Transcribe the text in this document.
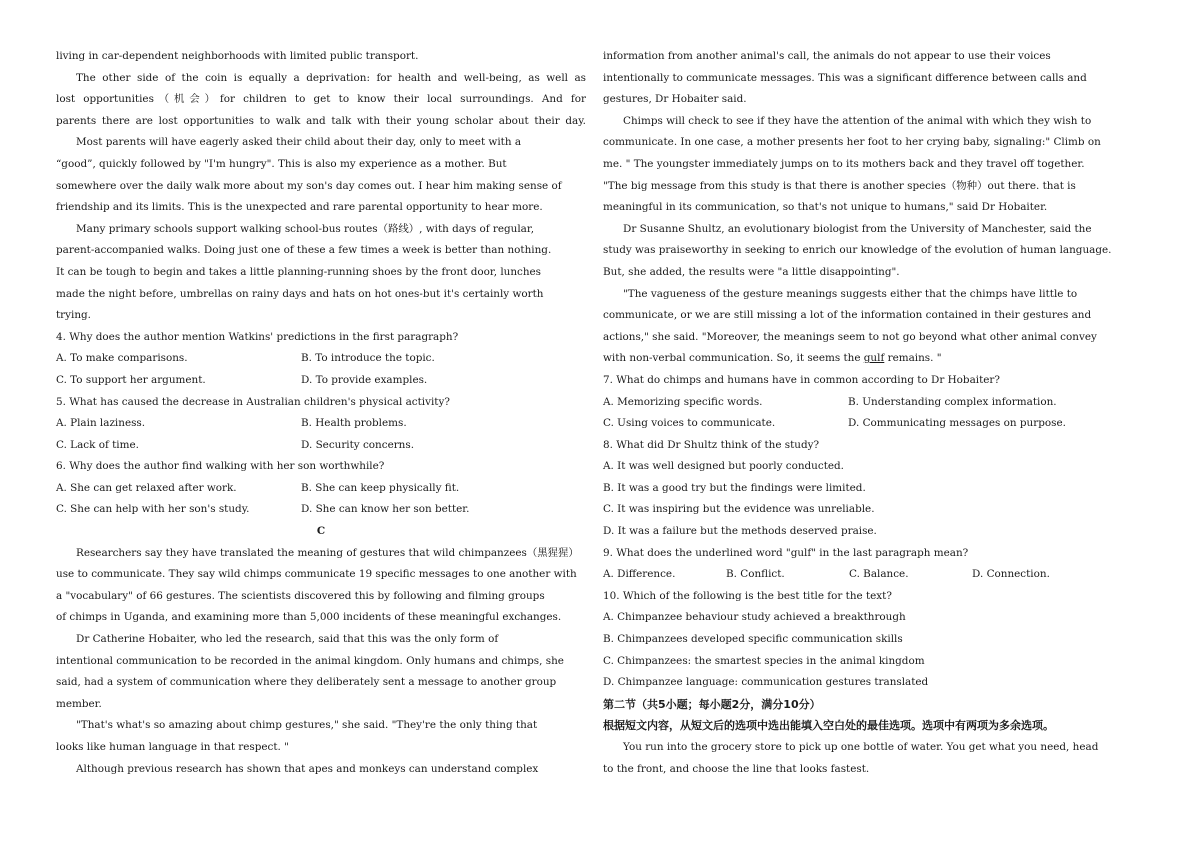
living in car-dependent neighborhoods with limited public transport.
The other side of the coin is equally a deprivation: for health and well-being, as well as
lost opportunities（机会）for children to get to know their local surroundings. And for
parents there are lost opportunities to walk and talk with their young scholar about their day.
Most parents will have eagerly asked their child about their day, only to meet with a
“good”, quickly followed by "I'm hungry". This is also my experience as a mother. But
somewhere over the daily walk more about my son's day comes out. I hear him making sense of
friendship and its limits. This is the unexpected and rare parental opportunity to hear more.
Many primary schools support walking school-bus routes（路线）, with days of regular,
parent-accompanied walks. Doing just one of these a few times a week is better than nothing.
It can be tough to begin and takes a little planning-running shoes by the front door, lunches
made the night before, umbrellas on rainy days and hats on hot ones-but it's certainly worth
trying.
4. Why does the author mention Watkins' predictions in the first paragraph?
A. To make comparisons.	B. To introduce the topic.
C. To support her argument.	D. To provide examples.
5. What has caused the decrease in Australian children's physical activity?
A. Plain laziness.	B. Health problems.
C. Lack of time.	D. Security concerns.
6. Why does the author find walking with her son worthwhile?
A. She can get relaxed after work.	B. She can keep physically fit.
C. She can help with her son's study.	D. She can know her son better.
C
Researchers say they have translated the meaning of gestures that wild chimpanzees（黑猩猩）
use to communicate. They say wild chimps communicate 19 specific messages to one another with
a "vocabulary" of 66 gestures. The scientists discovered this by following and filming groups
of chimps in Uganda, and examining more than 5,000 incidents of these meaningful exchanges.
Dr Catherine Hobaiter, who led the research, said that this was the only form of
intentional communication to be recorded in the animal kingdom. Only humans and chimps, she
said, had a system of communication where they deliberately sent a message to another group
member.
"That's what's so amazing about chimp gestures," she said. "They're the only thing that
looks like human language in that respect. "
Although previous research has shown that apes and monkeys can understand complex
information from another animal's call, the animals do not appear to use their voices
intentionally to communicate messages. This was a significant difference between calls and
gestures, Dr Hobaiter said.
Chimps will check to see if they have the attention of the animal with which they wish to
communicate. In one case, a mother presents her foot to her crying baby, signaling:" Climb on
me. " The youngster immediately jumps on to its mothers back and they travel off together.
"The big message from this study is that there is another species（物种）out there. that is
meaningful in its communication, so that's not unique to humans," said Dr Hobaiter.
Dr Susanne Shultz, an evolutionary biologist from the University of Manchester, said the
study was praiseworthy in seeking to enrich our knowledge of the evolution of human language.
But, she added, the results were "a little disappointing".
"The vagueness of the gesture meanings suggests either that the chimps have little to
communicate, or we are still missing a lot of the information contained in their gestures and
actions," she said. "Moreover, the meanings seem to not go beyond what other animal convey
with non-verbal communication. So, it seems the gulf remains. "
7. What do chimps and humans have in common according to Dr Hobaiter?
A. Memorizing specific words.	B. Understanding complex information.
C. Using voices to communicate.	D. Communicating messages on purpose.
8. What did Dr Shultz think of the study?
A. It was well designed but poorly conducted.
B. It was a good try but the findings were limited.
C. It was inspiring but the evidence was unreliable.
D. It was a failure but the methods deserved praise.
9. What does the underlined word "gulf" in the last paragraph mean?
A. Difference.	B. Conflict.	C. Balance.	D. Connection.
10. Which of the following is the best title for the text?
A. Chimpanzee behaviour study achieved a breakthrough
B. Chimpanzees developed specific communication skills
C. Chimpanzees: the smartest species in the animal kingdom
D. Chimpanzee language: communication gestures translated
第二节（共5小题；每小题2分，满分10分）
根据短文内容，从短文后的选项中选出能填入空白处的最佳选项。选项中有两项为多余选项。
You run into the grocery store to pick up one bottle of water. You get what you need, head
to the front, and choose the line that looks fastest.
